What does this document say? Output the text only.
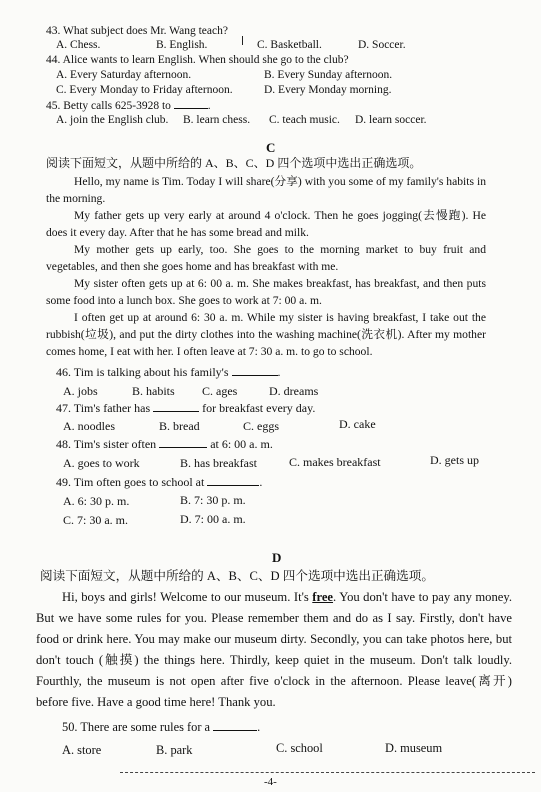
43. What subject does Mr. Wang teach?
A. Chess.	B. English.	C. Basketball.	D. Soccer.
44. Alice wants to learn English. When should she go to the club?
A. Every Saturday afternoon.	B. Every Sunday afternoon.
C. Every Monday to Friday afternoon.	D. Every Monday morning.
45. Betty calls 625-3928 to	.
A. join the English club. B. learn chess. C. teach music. D. learn soccer.
C
阅读下面短文，从题中所给的 A、B、C、D 四个选项中选出正确选项。
Hello, my name is Tim. Today I will share(分享) with you some of my family's habits in the morning.
My father gets up very early at around 4 o'clock. Then he goes jogging(去慢跑). He does it every day. After that he has some bread and milk.
My mother gets up early, too. She goes to the morning market to buy fruit and vegetables, and then she goes home and has breakfast with me.
My sister often gets up at 6: 00 a. m. She makes breakfast, has breakfast, and then puts some food into a lunch box. She goes to work at 7: 00 a. m.
I often get up at around 6: 30 a. m. While my sister is having breakfast, I take out the rubbish(垃圾), and put the dirty clothes into the washing machine(洗衣机). After my mother comes home, I eat with her. I often leave at 7: 30 a. m. to go to school.
46. Tim is talking about his family's	.
A. jobs	B. habits C. ages	D. dreams
47. Tim's father has	for breakfast every day.
A. noodles	B. bread	C. eggs	D. cake
48. Tim's sister often	at 6: 00 a. m.
A. goes to work	B. has breakfast	C. makes breakfast	D. gets up
49. Tim often goes to school at	.
A. 6: 30 p. m.	B. 7: 30 p. m.
C. 7: 30 a. m.	D. 7: 00 a. m.
D
阅读下面短文，从题中所给的 A、B、C、D 四个选项中选出正确选项。
Hi, boys and girls! Welcome to our museum. It's free. You don't have to pay any money. But we have some rules for you. Please remember them and do as I say. Firstly, don't have food or drink here. You may make our museum dirty. Secondly, you can take photos here, but don't touch (触摸) the things here. Thirdly, keep quiet in the museum. Don't talk loudly. Fourthly, the museum is not open after five o'clock in the afternoon. Please leave(离开) before five. Have a good time here! Thank you.
50. There are some rules for a	.
A. store	B. park	C. school	D. museum
-4-
